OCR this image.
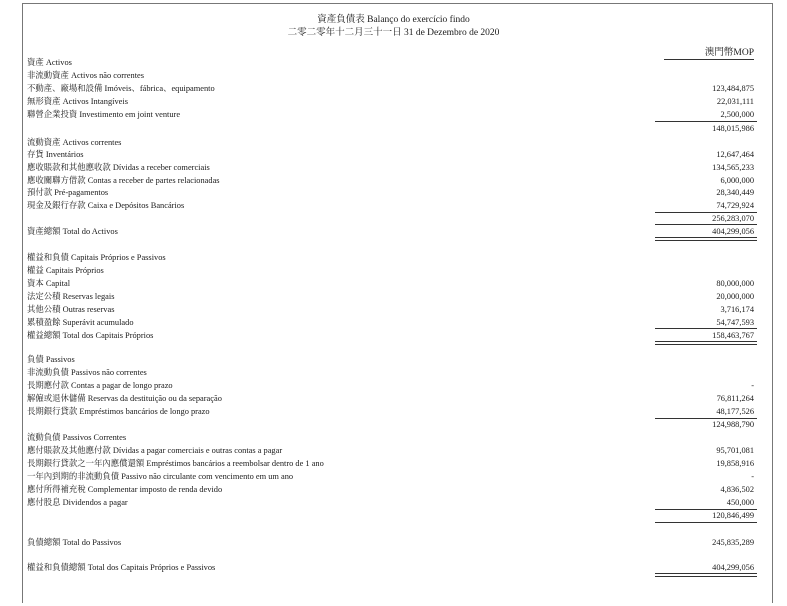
資產負債表 Balanço do exercício findo
二零二零年十二月三十一日 31 de Dezembro de 2020
澳門幣MOP
資產 Activos
非流動資產 Activos não correntes
不動產、廠場和設備 Imóveis、fábrica、equipamento	123,484,875
無形資產 Activos Intangíveis	22,031,111
聯營企業投資 Investimento em joint venture	2,500,000
148,015,986
流動資產 Activos correntes
存貨 Inventários	12,647,464
應收賬款和其他應收款 Dívidas a receber comerciais	134,565,233
應收關聯方借款 Contas a receber de partes relacionadas	6,000,000
預付款 Pré-pagamentos	28,340,449
現金及銀行存款 Caixa e Depósitos Bancários	74,729,924
256,283,070
資產總額 Total do Activos	404,299,056
權益和負債 Capitais Próprios e Passivos
權益 Capitais Próprios
資本 Capital	80,000,000
法定公積 Reservas legais	20,000,000
其他公積 Outras reservas	3,716,174
累積盈餘 Superávit acumulado	54,747,593
權益總額 Total dos Capitais Próprios	158,463,767
負債 Passivos
非流動負債 Passivos não correntes
長期應付款 Contas a pagar de longo prazo	-
解僱或退休儲備 Reservas da destituição ou da separação	76,811,264
長期銀行貸款 Empréstimos bancários de longo prazo	48,177,526
124,988,790
流動負債 Passivos Correntes
應付賬款及其他應付款 Dívidas a pagar comerciais e outras contas a pagar	95,701,081
長期銀行貸款之一年內應償還額 Empréstimos bancários a reembolsar dentro de 1 ano	19,858,916
一年內到期的非流動負債 Passivo não circulante com vencimento em um ano	-
應付所得補充稅 Complementar imposto de renda devido	4,836,502
應付股息 Dividendos a pagar	450,000
120,846,499
負債總額 Total do Passivos	245,835,289
權益和負債總額 Total dos Capitais Próprios e Passivos	404,299,056
